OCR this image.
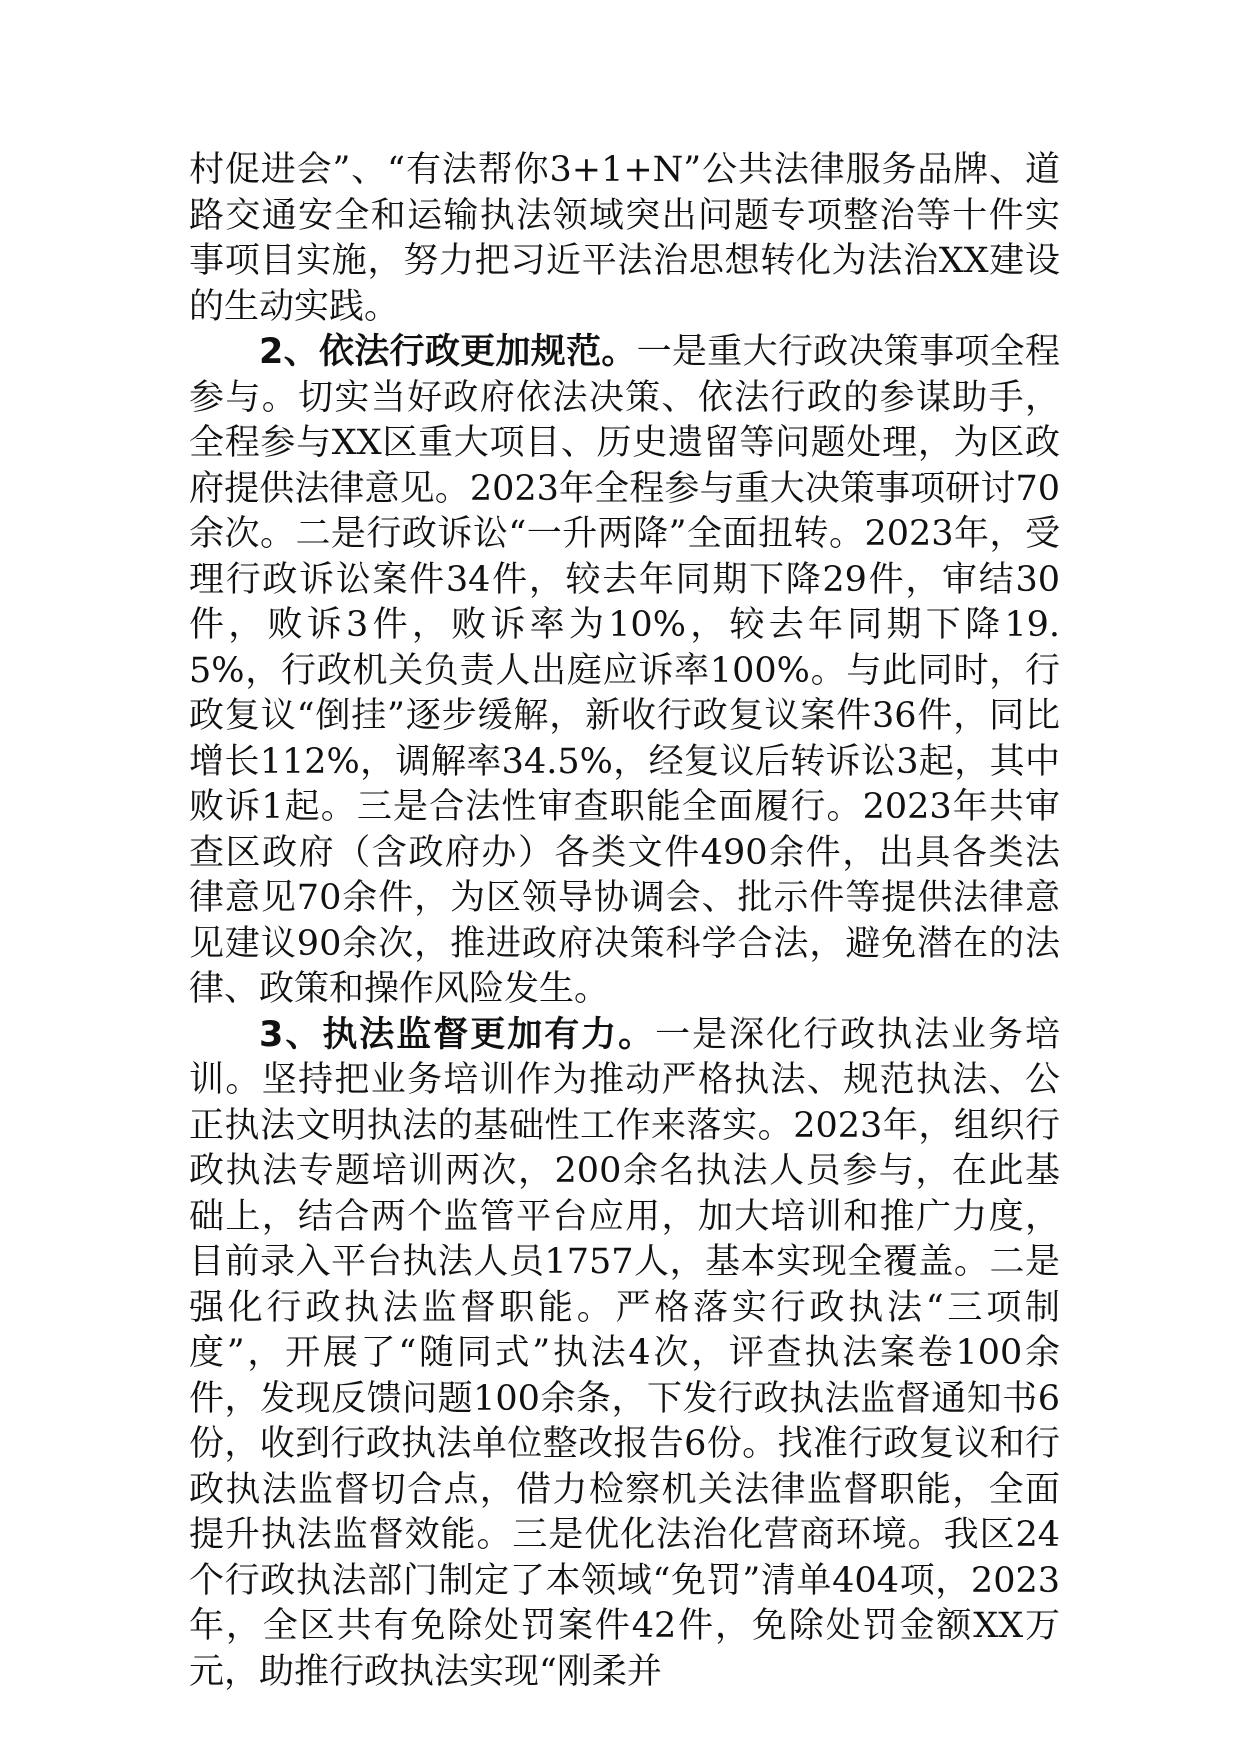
村促进会”、“有法帮你3+1+N”公共法律服务品牌、道路交通安全和运输执法领域突出问题专项整治等十件实事项目实施，努力把习近平法治思想转化为法治XX建设的生动实践。

2、依法行政更加规范。一是重大行政决策事项全程参与。切实当好政府依法决策、依法行政的参谋助手，全程参与XX区重大项目、历史遗留等问题处理，为区政府提供法律意见。2023年全程参与重大决策事项研讨70余次。二是行政诉讼“一升两降”全面扭转。2023年，受理行政诉讼案件34件，较去年同期下降29件，审结30件，败诉3件，败诉率为10%，较去年同期下降19.5%，行政机关负责人出庭应诉率100%。与此同时，行政复议“倒挂”逐步缓解，新收行政复议案件36件，同比增长112%，调解率34.5%，经复议后转诉讼3起，其中败诉1起。三是合法性审查职能全面履行。2023年共审查区政府（含政府办）各类文件490余件，出具各类法律意见70余件，为区领导协调会、批示件等提供法律意见建议90余次，推进政府决策科学合法，避免潜在的法律、政策和操作风险发生。

3、执法监督更加有力。一是深化行政执法业务培训。坚持把业务培训作为推动严格执法、规范执法、公正执法文明执法的基础性工作来落实。2023年，组织行政执法专题培训两次，200余名执法人员参与，在此基础上，结合两个监管平台应用，加大培训和推广力度，目前录入平台执法人员1757人，基本实现全覆盖。二是强化行政执法监督职能。严格落实行政执法“三项制度”，开展了“随同式”执法4次，评查执法案卷100余件，发现反馈问题100余条，下发行政执法监督通知书6份，收到行政执法单位整改报告6份。找准行政复议和行政执法监督切合点，借力检察机关法律监督职能，全面提升执法监督效能。三是优化法治化营商环境。我区24个行政执法部门制定了本领域“免罚”清单404项，2023年，全区共有免除处罚案件42件，免除处罚金额XX万元，助推行政执法实现“刚柔并
